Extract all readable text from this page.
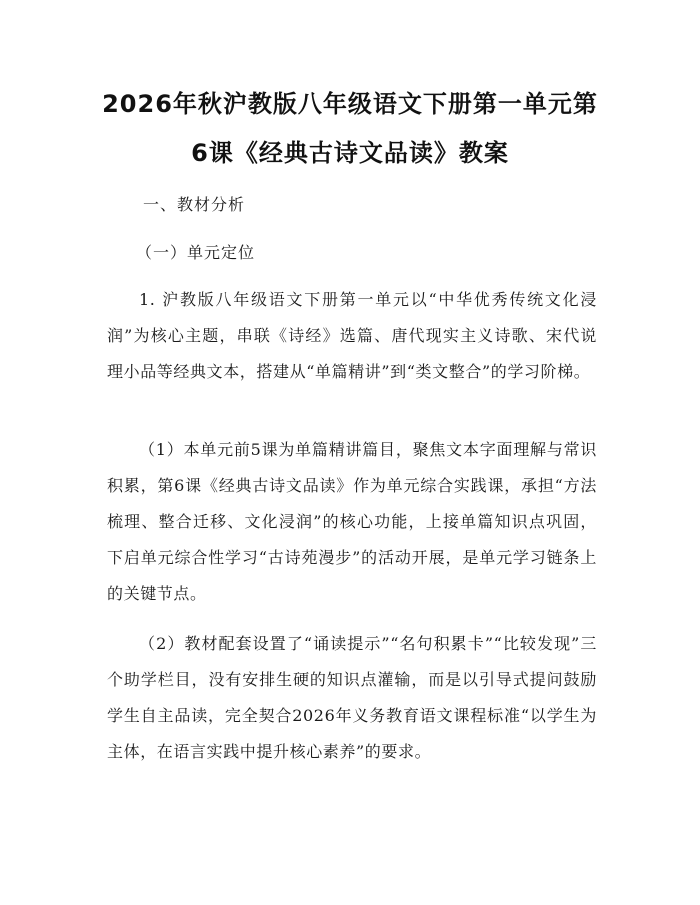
2026年秋沪教版八年级语文下册第一单元第
6课《经典古诗文品读》教案
一、教材分析
（一）单元定位
1. 沪教版八年级语文下册第一单元以“中华优秀传统文化浸润”为核心主题，串联《诗经》选篇、唐代现实主义诗歌、宋代说理小品等经典文本，搭建从“单篇精讲”到“类文整合”的学习阶梯。
（1）本单元前5课为单篇精讲篇目，聚焦文本字面理解与常识积累，第6课《经典古诗文品读》作为单元综合实践课，承担“方法梳理、整合迁移、文化浸润”的核心功能，上接单篇知识点巩固，下启单元综合性学习“古诗苑漫步”的活动开展，是单元学习链条上的关键节点。
（2）教材配套设置了“诵读提示”“名句积累卡”“比较发现”三个助学栏目，没有安排生硬的知识点灌输，而是以引导式提问鼓励学生自主品读，完全契合2026年义务教育语文课程标准“以学生为主体，在语言实践中提升核心素养”的要求。
